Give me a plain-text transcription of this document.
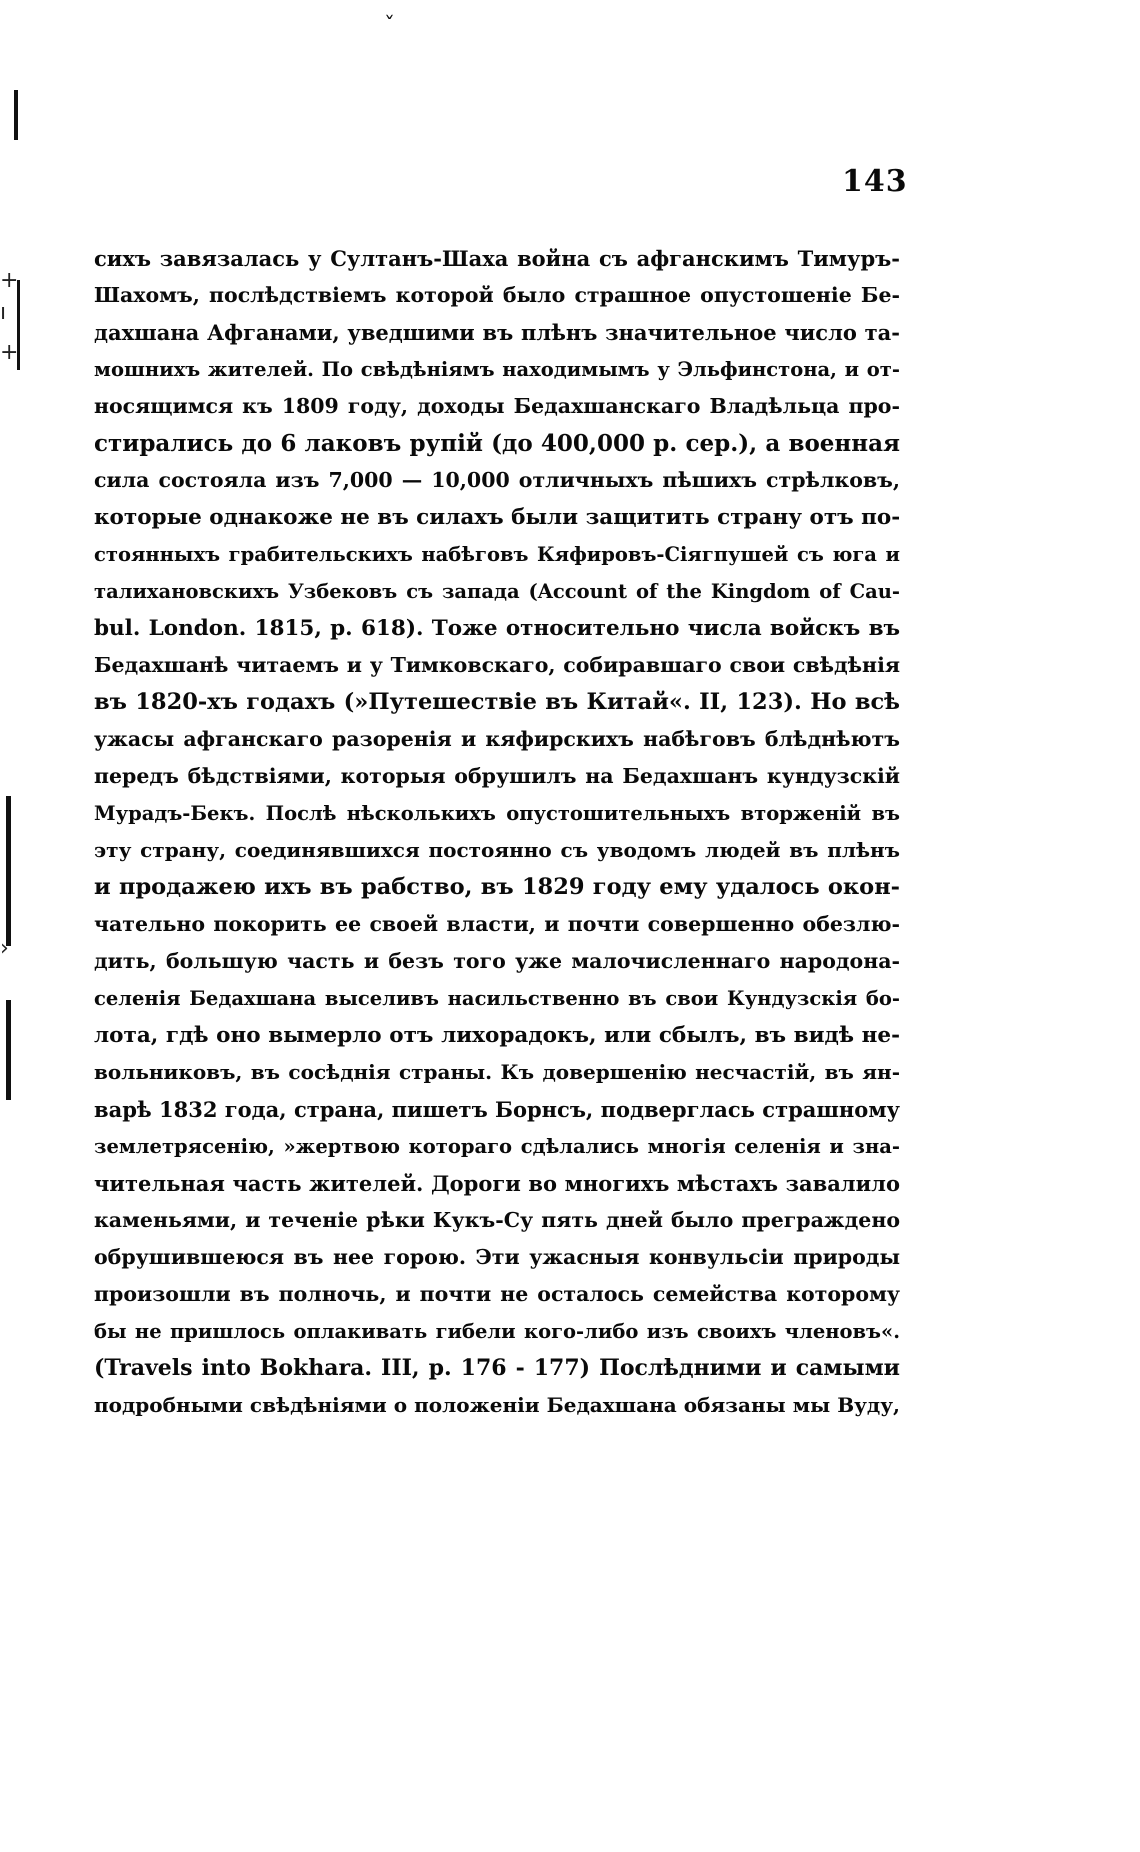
ˇ
+
ı
+
›
143
сихъ завязалась у Султанъ-Шаха война съ афганскимъ Тимуръ-
Шахомъ, послѣдствіемъ которой было страшное опустошеніе Бе-
дахшана Афганами, уведшими въ плѣнъ значительное число та-
мошнихъ жителей. По свѣдѣніямъ находимымъ у Эльфинстона, и от-
носящимся къ 1809 году, доходы Бедахшанскаго Владѣльца про-
стирались до 6 лаковъ рупій (до 400,000 р. сер.), а военная
сила состояла изъ 7,000 — 10,000 отличныхъ пѣшихъ стрѣлковъ,
которые однакоже не въ силахъ были защитить страну отъ по-
стоянныхъ грабительскихъ набѣговъ Кяфировъ-Сіягпушей съ юга и
талихановскихъ Узбековъ съ запада (Account of the Kingdom of Cau-
bul. London. 1815, p. 618). Тоже относительно числа войскъ въ
Бедахшанѣ читаемъ и у Тимковскаго, собиравшаго свои свѣдѣнія
въ 1820-хъ годахъ (»Путешествіе въ Китай«. II, 123). Но всѣ
ужасы афганскаго разоренія и кяфирскихъ набѣговъ блѣднѣютъ
передъ бѣдствіями, которыя обрушилъ на Бедахшанъ кундузскій
Мурадъ-Бекъ. Послѣ нѣсколькихъ опустошительныхъ вторженій въ
эту страну, соединявшихся постоянно съ уводомъ людей въ плѣнъ
и продажею ихъ въ рабство, въ 1829 году ему удалось окон-
чательно покорить ее своей власти, и почти совершенно обезлю-
дить, большую часть и безъ того уже малочисленнаго народона-
селенія Бедахшана выселивъ насильственно въ свои Кундузскія бо-
лота, гдѣ оно вымерло отъ лихорадокъ, или сбылъ, въ видѣ не-
вольниковъ, въ сосѣднія страны. Къ довершенію несчастій, въ ян-
варѣ 1832 года, страна, пишетъ Борнсъ, подверглась страшному
землетрясенію, »жертвою котораго сдѣлались многія селенія и зна-
чительная часть жителей. Дороги во многихъ мѣстахъ завалило
каменьями, и теченіе рѣки Кукъ-Су пять дней было преграждено
обрушившеюся въ нее горою. Эти ужасныя конвульсіи природы
произошли въ полночь, и почти не осталось семейства которому
бы не пришлось оплакивать гибели кого-либо изъ своихъ членовъ«.
(Travels into Bokhara. III, p. 176 - 177) Послѣдними и самыми
подробными свѣдѣніями о положеніи Бедахшана обязаны мы Вуду,
